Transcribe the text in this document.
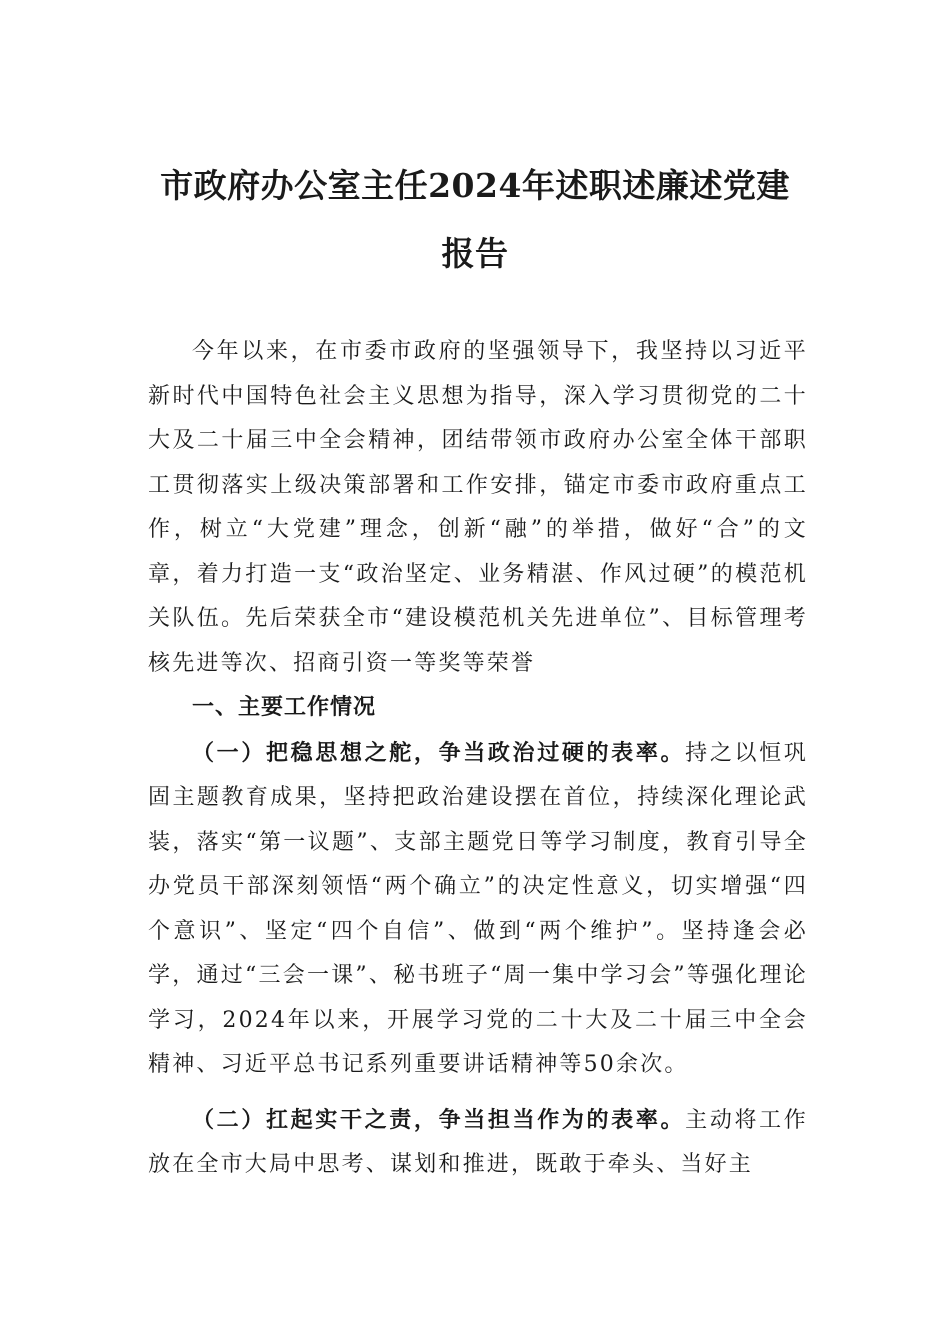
市政府办公室主任2024年述职述廉述党建
报告

今年以来，在市委市政府的坚强领导下，我坚持以习近平新时代中国特色社会主义思想为指导，深入学习贯彻党的二十大及二十届三中全会精神，团结带领市政府办公室全体干部职工贯彻落实上级决策部署和工作安排，锚定市委市政府重点工作，树立“大党建”理念，创新“融”的举措，做好“合”的文章，着力打造一支“政治坚定、业务精湛、作风过硬”的模范机关队伍。先后荣获全市“建设模范机关先进单位”、目标管理考核先进等次、招商引资一等奖等荣誉

一、主要工作情况

（一）把稳思想之舵，争当政治过硬的表率。持之以恒巩固主题教育成果，坚持把政治建设摆在首位，持续深化理论武装，落实“第一议题”、支部主题党日等学习制度，教育引导全办党员干部深刻领悟“两个确立”的决定性意义，切实增强“四个意识”、坚定“四个自信”、做到“两个维护”。坚持逢会必学，通过“三会一课”、秘书班子“周一集中学习会”等强化理论学习，2024年以来，开展学习党的二十大及二十届三中全会精神、习近平总书记系列重要讲话精神等50余次。

（二）扛起实干之责，争当担当作为的表率。主动将工作放在全市大局中思考、谋划和推进，既敢于牵头、当好主
